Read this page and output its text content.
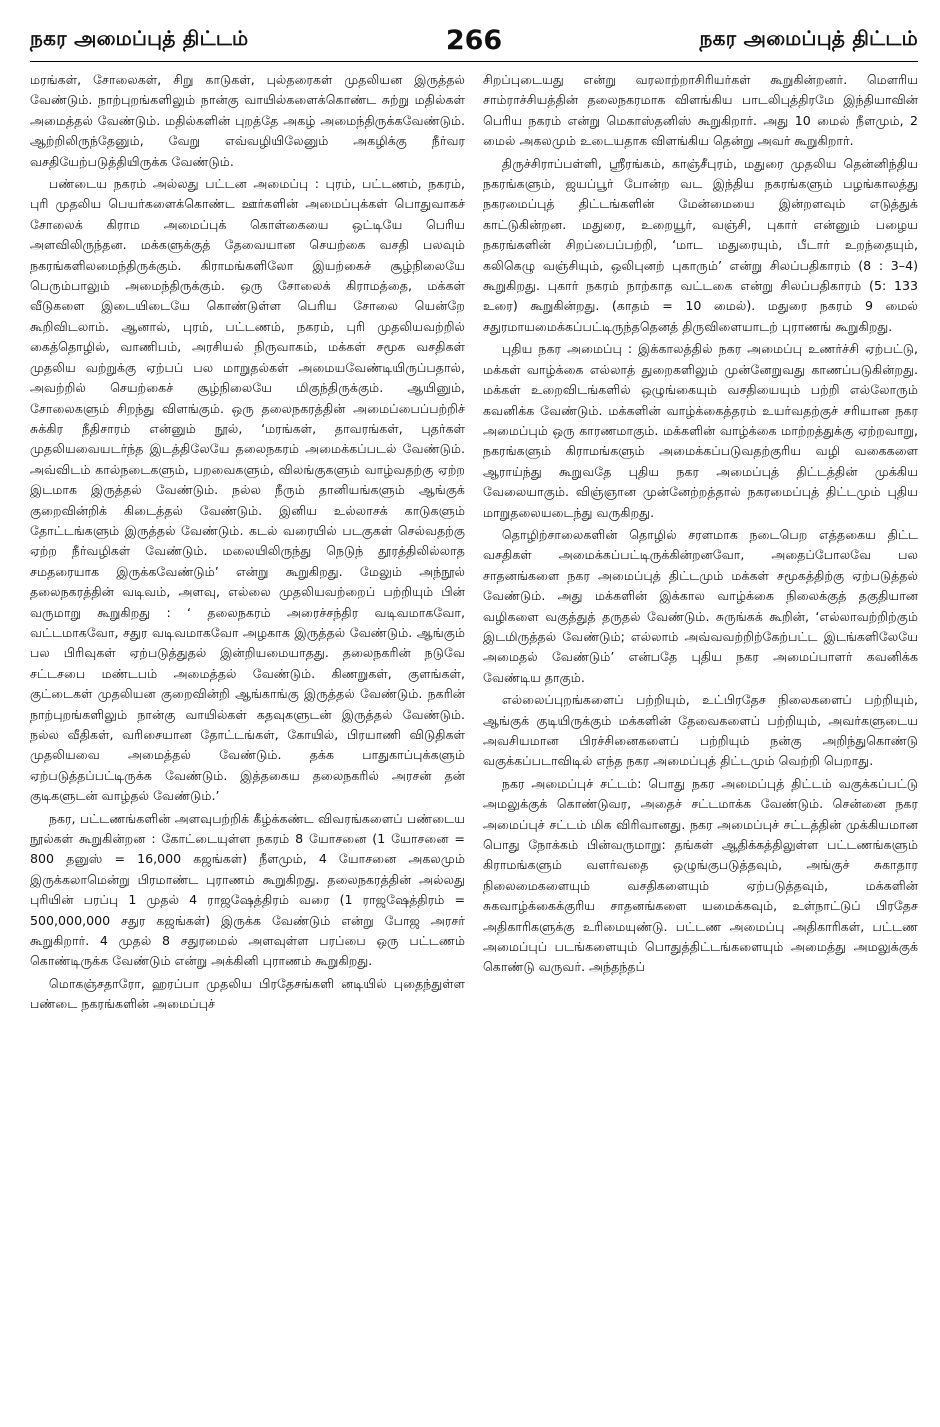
நகர அமைப்புத் திட்டம்	266	நகர அமைப்புத் திட்டம்

மரங்கள், சோலைகள், சிறு காடுகள், புல்தரைகள் முதலியன இருத்தல் வேண்டும். நாற்புறங்களிலும் நான்கு வாயில்களைக்கொண்ட சுற்று மதில்கள் அமைத்தல் வேண்டும். மதில்களின் புறத்தே அகழ் அமைந்திருக்கவேண்டும். ஆற்றிலிருந்தேனும், வேறு எவ்வழியிலேனும் அகழிக்கு நீர்வர வசதியேற்படுத்தியிருக்க வேண்டும்.

பண்டைய நகரம் அல்லது பட்டன அமைப்பு : புரம், பட்டணம், நகரம், புரி முதலிய பெயர்களைக்கொண்ட ஊர்களின் அமைப்புக்கள் பொதுவாகச் சோலைக் கிராம அமைப்புக் கொள்கையை ஒட்டியே பெரிய அளவிலிருந்தன. மக்களுக்குத் தேவையான செயற்கை வசதி பலவும் நகரங்களிலமைந்திருக்கும். கிராமங்களிலோ இயற்கைச் சூழ்நிலையே பெரும்பாலும் அமைந்திருக்கும். ஒரு சோலைக் கிராமத்தை, மக்கள் வீடுகளை இடையிடையே கொண்டுள்ள பெரிய சோலை யென்றே கூறிவிடலாம். ஆனால், புரம், பட்டணம், நகரம், புரி முதலியவற்றில் கைத்தொழில், வாணிபம், அரசியல் நிருவாகம், மக்கள் சமூக வசதிகள் முதலிய வற்றுக்கு ஏற்பப் பல மாறுதல்கள் அமையவேண்டியிருப்பதால், அவற்றில் செயற்கைச் சூழ்நிலையே மிகுந்திருக்கும். ஆயினும், சோலைகளும் சிறந்து விளங்கும். ஒரு தலைநகரத்தின் அமைப்பைப்பற்றிச் சுக்கிர நீதிசாரம் என்னும் நூல், ‘மரங்கள், தாவரங்கள், புதர்கள் முதலியவையடர்ந்த இடத்திலேயே தலைநகரம் அமைக்கப்படல் வேண்டும். அவ்விடம் கால்நடைகளும், பறவைகளும், விலங்குகளும் வாழ்வதற்கு ஏற்ற இடமாக இருத்தல் வேண்டும். நல்ல நீரும் தானியங்களும் ஆங்குக் குறைவின்றிக் கிடைத்தல் வேண்டும். இனிய உல்லாசக் காடுகளும் தோட்டங்களும் இருத்தல் வேண்டும். கடல் வரையில் படகுகள் செல்வதற்கு ஏற்ற நீர்வழிகள் வேண்டும். மலையிலிருந்து நெடுந் தூரத்திலில்லாத சமதரையாக இருக்கவேண்டும்’ என்று கூறுகிறது. மேலும் அந்நூல் தலைநகரத்தின் வடிவம், அளவு, எல்லை முதலியவற்றைப் பற்றியும் பின் வருமாறு கூறுகிறது : ‘ தலைநகரம் அரைச்சந்திர வடிவமாகவோ, வட்டமாகவோ, சதுர வடிவமாகவோ அழகாக இருத்தல் வேண்டும். ஆங்கும் பல பிரிவுகள் ஏற்படுத்துதல் இன்றியமையாதது. தலைநகரின் நடுவே சட்டசபை மண்டபம் அமைத்தல் வேண்டும். கிணறுகள், குளங்கள், குட்டைகள் முதலியன குறைவின்றி ஆங்காங்கு இருத்தல் வேண்டும். நகரின் நாற்புறங்களிலும் நான்கு வாயில்கள் கதவுகளுடன் இருத்தல் வேண்டும். நல்ல வீதிகள், வரிசையான தோட்டங்கள், கோயில், பிரயாணி விடுதிகள் முதலியவை அமைத்தல் வேண்டும். தக்க பாதுகாப்புக்களும் ஏற்படுத்தப்பட்டிருக்க வேண்டும். இத்தகைய தலைநகரில் அரசன் தன் குடிகளுடன் வாழ்தல் வேண்டும்.’

நகர, பட்டணங்களின் அளவுபற்றிக் கீழ்க்கண்ட விவரங்களைப் பண்டைய நூல்கள் கூறுகின்றன : கோட்டையுள்ள நகரம் 8 யோசனை (1 யோசனை = 800 தனுஸ் = 16,000 கஜங்கள்) நீளமும், 4 யோசனை அகலமும் இருக்கலாமென்று பிரமாண்ட புராணம் கூறுகிறது. தலைநகரத்தின் அல்லது புரியின் பரப்பு 1 முதல் 4 ராஜஷேத்திரம் வரை (1 ராஜஷேத்திரம் = 500,000,000 சதுர கஜங்கள்) இருக்க வேண்டும் என்று போஜ அரசர் கூறுகிறார். 4 முதல் 8 சதுரமைல் அளவுள்ள பரப்பை ஒரு பட்டணம் கொண்டிருக்க வேண்டும் என்று அக்கினி புராணம் கூறுகிறது.

மொகஞ்சதாரோ, ஹரப்பா முதலிய பிரதேசங்களி னடியில் புதைந்துள்ள பண்டை நகரங்களின் அமைப்புச்

சிறப்புடையது என்று வரலாற்றாசிரியர்கள் கூறுகின்றனர். மௌரிய சாம்ராச்சியத்தின் தலைநகரமாக விளங்கிய பாடலிபுத்திரமே இந்தியாவின் பெரிய நகரம் என்று மெகாஸ்தனிஸ் கூறுகிறார். அது 10 மைல் நீளமும், 2 மைல் அகலமும் உடையதாக விளங்கிய தென்று அவர் கூறுகிறார்.

திருச்சிராப்பள்ளி, ஸ்ரீரங்கம், காஞ்சீபுரம், மதுரை முதலிய தென்னிந்திய நகரங்களும், ஜயப்பூர் போன்ற வட இந்திய நகரங்களும் பழங்காலத்து நகரமைப்புத் திட்டங்களின் மேன்மையை இன்றளவும் எடுத்துக் காட்டுகின்றன. மதுரை, உறையூர், வஞ்சி, புகார் என்னும் பழைய நகரங்களின் சிறப்பைப்பற்றி, ‘மாட மதுரையும், பீடார் உறந்தையும், கலிகெழு வஞ்சியும், ஒலிபுனற் புகாரும்’ என்று சிலப்பதிகாரம் (8 : 3–4) கூறுகிறது. புகார் நகரம் நாற்காத வட்டகை என்று சிலப்பதிகாரம் (5: 133 உரை) கூறுகின்றது. (காதம் = 10 மைல்). மதுரை நகரம் 9 மைல் சதுரமாயமைக்கப்பட்டிருந்ததெனத் திருவிளையாடற் புராணங் கூறுகிறது.

புதிய நகர அமைப்பு : இக்காலத்தில் நகர அமைப்பு உணர்ச்சி ஏற்பட்டு, மக்கள் வாழ்க்கை எல்லாத் துறைகளிலும் முன்னேறுவது காணப்படுகின்றது. மக்கள் உறைவிடங்களில் ஒழுங்கையும் வசதியையும் பற்றி எல்லோரும் கவனிக்க வேண்டும். மக்களின் வாழ்க்கைத்தரம் உயர்வதற்குச் சரியான நகர அமைப்பும் ஒரு காரணமாகும். மக்களின் வாழ்க்கை மாற்றத்துக்கு ஏற்றவாறு, நகரங்களும் கிராமங்களும் அமைக்கப்படுவதற்குரிய வழி வகைகளை ஆராய்ந்து கூறுவதே புதிய நகர அமைப்புத் திட்டத்தின் முக்கிய வேலையாகும். விஞ்ஞான முன்னேற்றத்தால் நகரமைப்புத் திட்டமும் புதிய மாறுதலையடைந்து வருகிறது.

தொழிற்சாலைகளின் தொழில் சரளமாக நடைபெற எத்தகைய திட்ட வசதிகள் அமைக்கப்பட்டிருக்கின்றனவோ, அதைப்போலவே பல சாதனங்களை நகர அமைப்புத் திட்டமும் மக்கள் சமூகத்திற்கு ஏற்படுத்தல் வேண்டும். அது மக்களின் இக்கால வாழ்க்கை நிலைக்குத் தகுதியான வழிகளை வகுத்துத் தருதல் வேண்டும். சுருங்கக் கூறின், ‘எல்லாவற்றிற்கும் இடமிருத்தல் வேண்டும்; எல்லாம் அவ்வவற்றிற்கேற்பட்ட இடங்களிலேயே அமைதல் வேண்டும்’ என்பதே புதிய நகர அமைப்பாளர் கவனிக்க வேண்டிய தாகும்.

எல்லைப்புறங்களைப் பற்றியும், உட்பிரதேச நிலைகளைப் பற்றியும், ஆங்குக் குடியிருக்கும் மக்களின் தேவைகளைப் பற்றியும், அவர்களுடைய அவசியமான பிரச்சினைகளைப் பற்றியும் நன்கு அறிந்துகொண்டு வகுக்கப்படாவிடில் எந்த நகர அமைப்புத் திட்டமும் வெற்றி பெறாது.

நகர அமைப்புச் சட்டம்: பொது நகர அமைப்புத் திட்டம் வகுக்கப்பட்டு அமலுக்குக் கொண்டுவர, அதைச் சட்டமாக்க வேண்டும். சென்னை நகர அமைப்புச் சட்டம் மிக விரிவானது. நகர அமைப்புச் சட்டத்தின் முக்கியமான பொது நோக்கம் பின்வருமாறு: தங்கள் ஆதிக்கத்திலுள்ள பட்டணங்களும் கிராமங்களும் வளர்வதை ஒழுங்குபடுத்தவும், அங்குச் சுகாதார நிலைமைகளையும் வசதிகளையும் ஏற்படுத்தவும், மக்களின் சுகவாழ்க்கைக்குரிய சாதனங்களை யமைக்கவும், உள்நாட்டுப் பிரதேச அதிகாரிகளுக்கு உரிமையுண்டு. பட்டண அமைப்பு அதிகாரிகள், பட்டண அமைப்புப் படங்களையும் பொதுத்திட்டங்களையும் அமைத்து அமலுக்குக் கொண்டு வருவர். அந்தந்தப்
